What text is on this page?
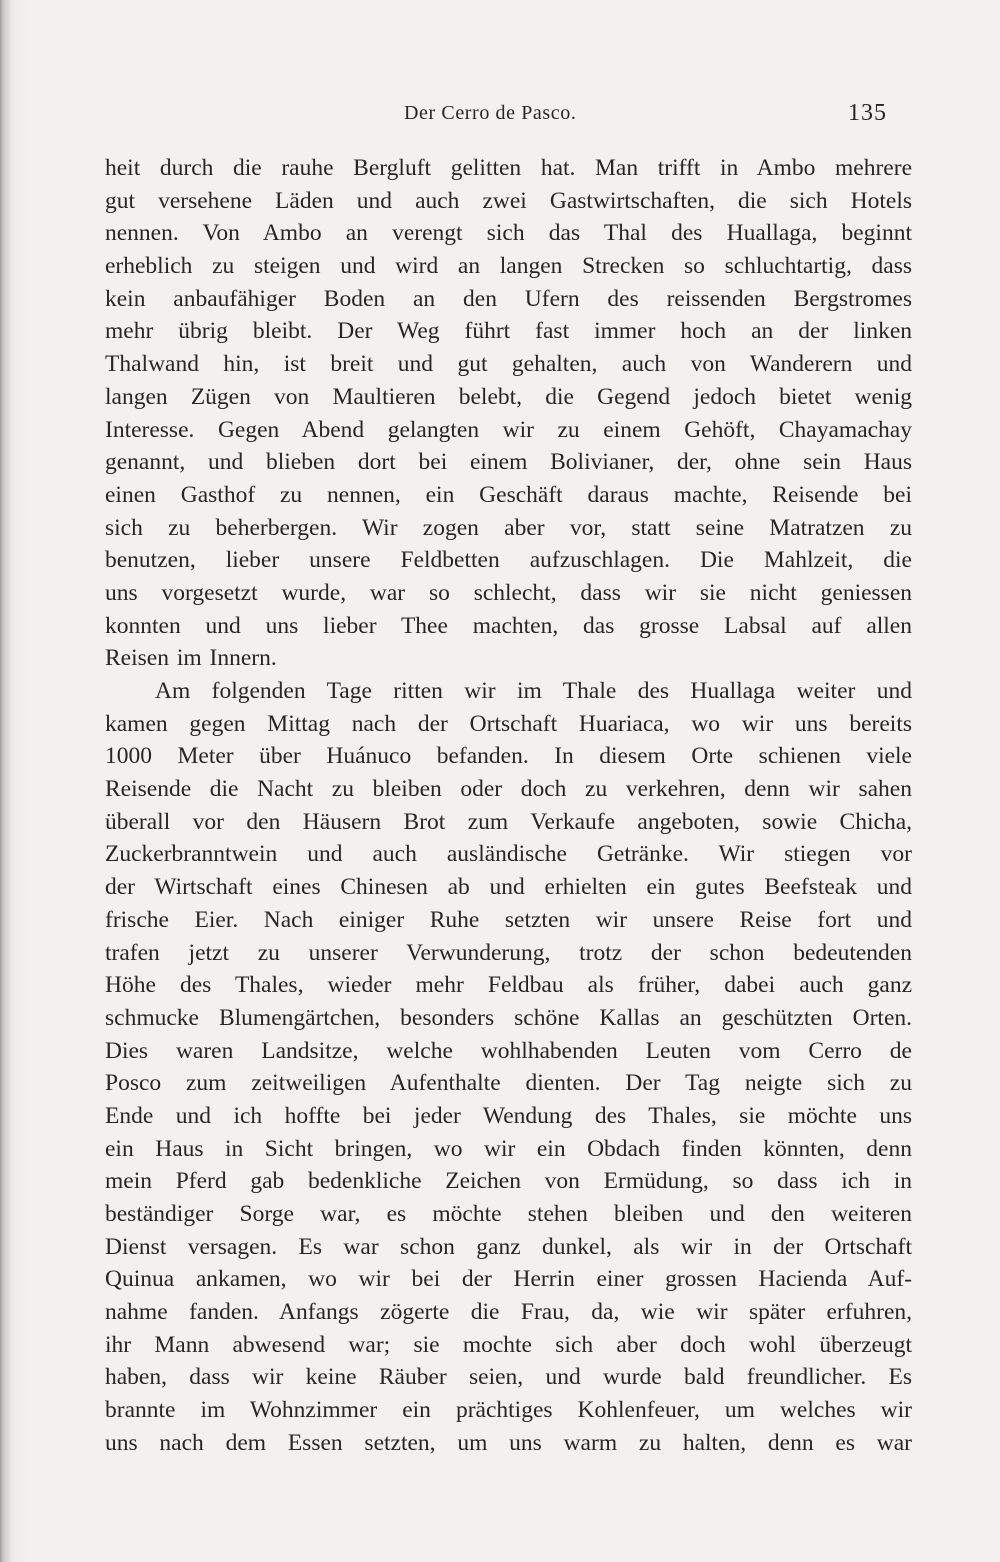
Der Cerro de Pasco.	135
heit durch die rauhe Bergluft gelitten hat. Man trifft in Ambo mehrere
gut versehene Läden und auch zwei Gastwirtschaften, die sich Hotels
nennen. Von Ambo an verengt sich das Thal des Huallaga, beginnt
erheblich zu steigen und wird an langen Strecken so schluchtartig, dass
kein anbaufähiger Boden an den Ufern des reissenden Bergstromes
mehr übrig bleibt. Der Weg führt fast immer hoch an der linken
Thalwand hin, ist breit und gut gehalten, auch von Wanderern und
langen Zügen von Maultieren belebt, die Gegend jedoch bietet wenig
Interesse. Gegen Abend gelangten wir zu einem Gehöft, Chayamachay
genannt, und blieben dort bei einem Bolivianer, der, ohne sein Haus
einen Gasthof zu nennen, ein Geschäft daraus machte, Reisende bei
sich zu beherbergen. Wir zogen aber vor, statt seine Matratzen zu
benutzen, lieber unsere Feldbetten aufzuschlagen. Die Mahlzeit, die
uns vorgesetzt wurde, war so schlecht, dass wir sie nicht geniessen
konnten und uns lieber Thee machten, das grosse Labsal auf allen
Reisen im Innern.
Am folgenden Tage ritten wir im Thale des Huallaga weiter und
kamen gegen Mittag nach der Ortschaft Huariaca, wo wir uns bereits
1000 Meter über Huánuco befanden. In diesem Orte schienen viele
Reisende die Nacht zu bleiben oder doch zu verkehren, denn wir sahen
überall vor den Häusern Brot zum Verkaufe angeboten, sowie Chicha,
Zuckerbranntwein und auch ausländische Getränke. Wir stiegen vor
der Wirtschaft eines Chinesen ab und erhielten ein gutes Beefsteak und
frische Eier. Nach einiger Ruhe setzten wir unsere Reise fort und
trafen jetzt zu unserer Verwunderung, trotz der schon bedeutenden
Höhe des Thales, wieder mehr Feldbau als früher, dabei auch ganz
schmucke Blumengärtchen, besonders schöne Kallas an geschützten Orten.
Dies waren Landsitze, welche wohlhabenden Leuten vom Cerro de
Posco zum zeitweiligen Aufenthalte dienten. Der Tag neigte sich zu
Ende und ich hoffte bei jeder Wendung des Thales, sie möchte uns
ein Haus in Sicht bringen, wo wir ein Obdach finden könnten, denn
mein Pferd gab bedenkliche Zeichen von Ermüdung, so dass ich in
beständiger Sorge war, es möchte stehen bleiben und den weiteren
Dienst versagen. Es war schon ganz dunkel, als wir in der Ortschaft
Quinua ankamen, wo wir bei der Herrin einer grossen Hacienda Auf-
nahme fanden. Anfangs zögerte die Frau, da, wie wir später erfuhren,
ihr Mann abwesend war; sie mochte sich aber doch wohl überzeugt
haben, dass wir keine Räuber seien, und wurde bald freundlicher. Es
brannte im Wohnzimmer ein prächtiges Kohlenfeuer, um welches wir
uns nach dem Essen setzten, um uns warm zu halten, denn es war
